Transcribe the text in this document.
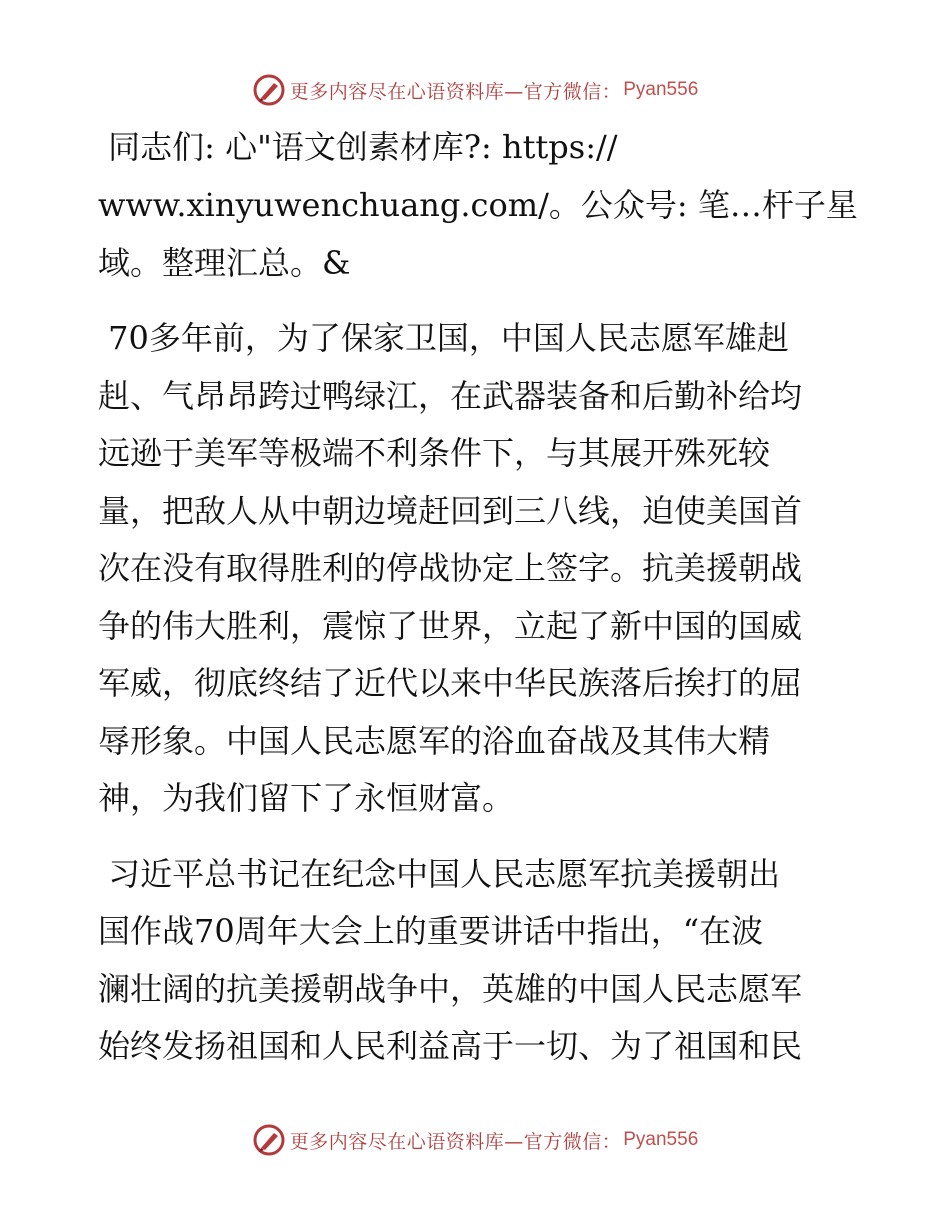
更多内容尽在心语资料库—官方微信： Pyan556

同志们: 心"语文创素材库?: https://
www.xinyuwenchuang.com/。公众号: 笔…杆子星
域。整理汇总。&

70多年前，为了保家卫国，中国人民志愿军雄赳
赳、气昂昂跨过鸭绿江，在武器装备和后勤补给均
远逊于美军等极端不利条件下，与其展开殊死较
量，把敌人从中朝边境赶回到三八线，迫使美国首
次在没有取得胜利的停战协定上签字。抗美援朝战
争的伟大胜利，震惊了世界，立起了新中国的国威
军威，彻底终结了近代以来中华民族落后挨打的屈
辱形象。中国人民志愿军的浴血奋战及其伟大精
神，为我们留下了永恒财富。

习近平总书记在纪念中国人民志愿军抗美援朝出
国作战70周年大会上的重要讲话中指出，“在波
澜壮阔的抗美援朝战争中，英雄的中国人民志愿军
始终发扬祖国和人民利益高于一切、为了祖国和民

更多内容尽在心语资料库—官方微信： Pyan556
